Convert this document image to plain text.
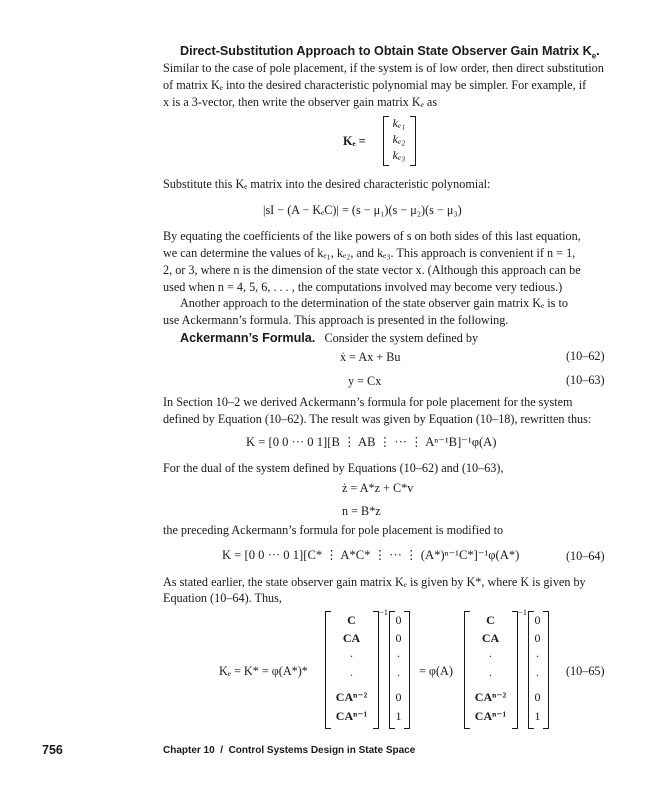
Direct-Substitution Approach to Obtain State Observer Gain Matrix $K_e$.
Similar to the case of pole placement, if the system is of low order, then direct substitution
of matrix Kₑ into the desired characteristic polynomial may be simpler. For example, if
x is a 3-vector, then write the observer gain matrix Kₑ as
Kₑ =
kₑ₁
kₑ₂
kₑ₃
Substitute this Kₑ matrix into the desired characteristic polynomial:
|sI − (A − KₑC)| = (s − μ₁)(s − μ₂)(s − μ₃)
By equating the coefficients of the like powers of s on both sides of this last equation,
we can determine the values of kₑ₁, kₑ₂, and kₑ₃. This approach is convenient if n = 1,
2, or 3, where n is the dimension of the state vector x. (Although this approach can be
used when n = 4, 5, 6, . . . , the computations involved may become very tedious.)
Another approach to the determination of the state observer gain matrix Kₑ is to
use Ackermann’s formula. This approach is presented in the following.
Ackermann’s Formula. Consider the system defined by
ẋ = Ax + Bu	(10–62)
y = Cx	(10–63)
In Section 10–2 we derived Ackermann’s formula for pole placement for the system
defined by Equation (10–62). The result was given by Equation (10–18), rewritten thus:
K = [0 0 ··· 0 1][B ⋮ AB ⋮ ··· ⋮ Aⁿ⁻¹B]⁻¹φ(A)
For the dual of the system defined by Equations (10–62) and (10–63),
ż = A*z + C*v
n = B*z
the preceding Ackermann’s formula for pole placement is modified to
K = [0 0 ··· 0 1][C* ⋮ A*C* ⋮ ··· ⋮ (A*)ⁿ⁻¹C*]⁻¹φ(A*)	(10–64)
As stated earlier, the state observer gain matrix Kₑ is given by K*, where K is given by
Equation (10–64). Thus,
Kₑ = K* = φ(A*)*
C
CA
·
·
CAⁿ⁻²
CAⁿ⁻¹
−1
0
0
·
·
0
1
= φ(A)
C
CA
·
·
CAⁿ⁻²
CAⁿ⁻¹
−1
0
0
·
·
0
1
(10–65)
756	Chapter 10  /  Control Systems Design in State Space
